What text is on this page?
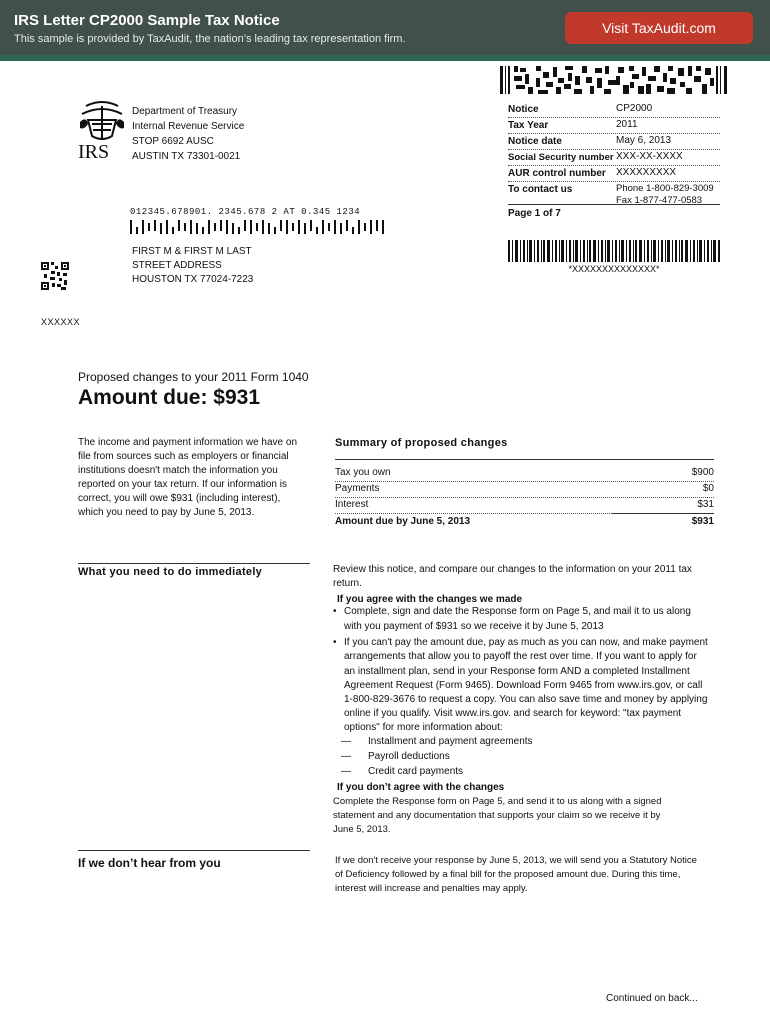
IRS Letter CP2000 Sample Tax Notice
This sample is provided by TaxAudit, the nation’s leading tax representation firm.
Visit TaxAudit.com
IRS
Department of Treasury
Internal Revenue Service
STOP 6692 AUSC
AUSTIN TX 73301-0021
Notice	CP2000
Tax Year	2011
Notice date	May 6, 2013
Social Security number XXX-XX-XXXX
AUR control number XXXXXXXXX
To contact us	Phone 1-800-829-3009
Fax 1-877-477-0583
Page 1 of 7
*XXXXXXXXXXXXXX*
012345.678901. 2345.678 2 AT 0.345 1234
FIRST M & FIRST M LAST
STREET ADDRESS
HOUSTON TX 77024-7223
XXXXXX
Proposed changes to your 2011 Form 1040
Amount due: $931
The income and payment information we have on
file from sources such as employers or financial
institutions doesn't match the information you
reported on your tax return. If our information is
correct, you will owe $931 (including interest),
which you need to pay by June 5, 2013.
Summary of proposed changes
Tax you own	$900
Payments	$0
Interest	$31
Amount due by June 5, 2013	$931
What you need to do immediately	Review this notice, and compare our changes to the information on your 2011 tax
return.
If you agree with the changes we made
• Complete, sign and date the Response form on Page 5, and mail it to us along
with you payment of $931 so we receive it by June 5, 2013
• If you can't pay the amount due, pay as much as you can now, and make payment
arrangements that allow you to payoff the rest over time. If you want to apply for
an installment plan, send in your Response form AND a completed Installment
Agreement Request (Form 9465). Download Form 9465 from www.irs.gov, or call
1-800-829-3676 to request a copy. You can also save time and money by applying
online if you qualify. Visit www.irs.gov. and search for keyword: "tax payment
options" for more information about:
— Installment and payment agreements
— Payroll deductions
— Credit card payments
If you don’t agree with the changes
Complete the Response form on Page 5, and send it to us along with a signed
statement and any documentation that supports your claim so we receive it by
June 5, 2013.
If we don’t hear from you	If we don't receive your response by June 5, 2013, we will send you a Statutory Notice
of Deficiency followed by a final bill for the proposed amount due. During this time,
interest will increase and penalties may apply.
Continued on back...
